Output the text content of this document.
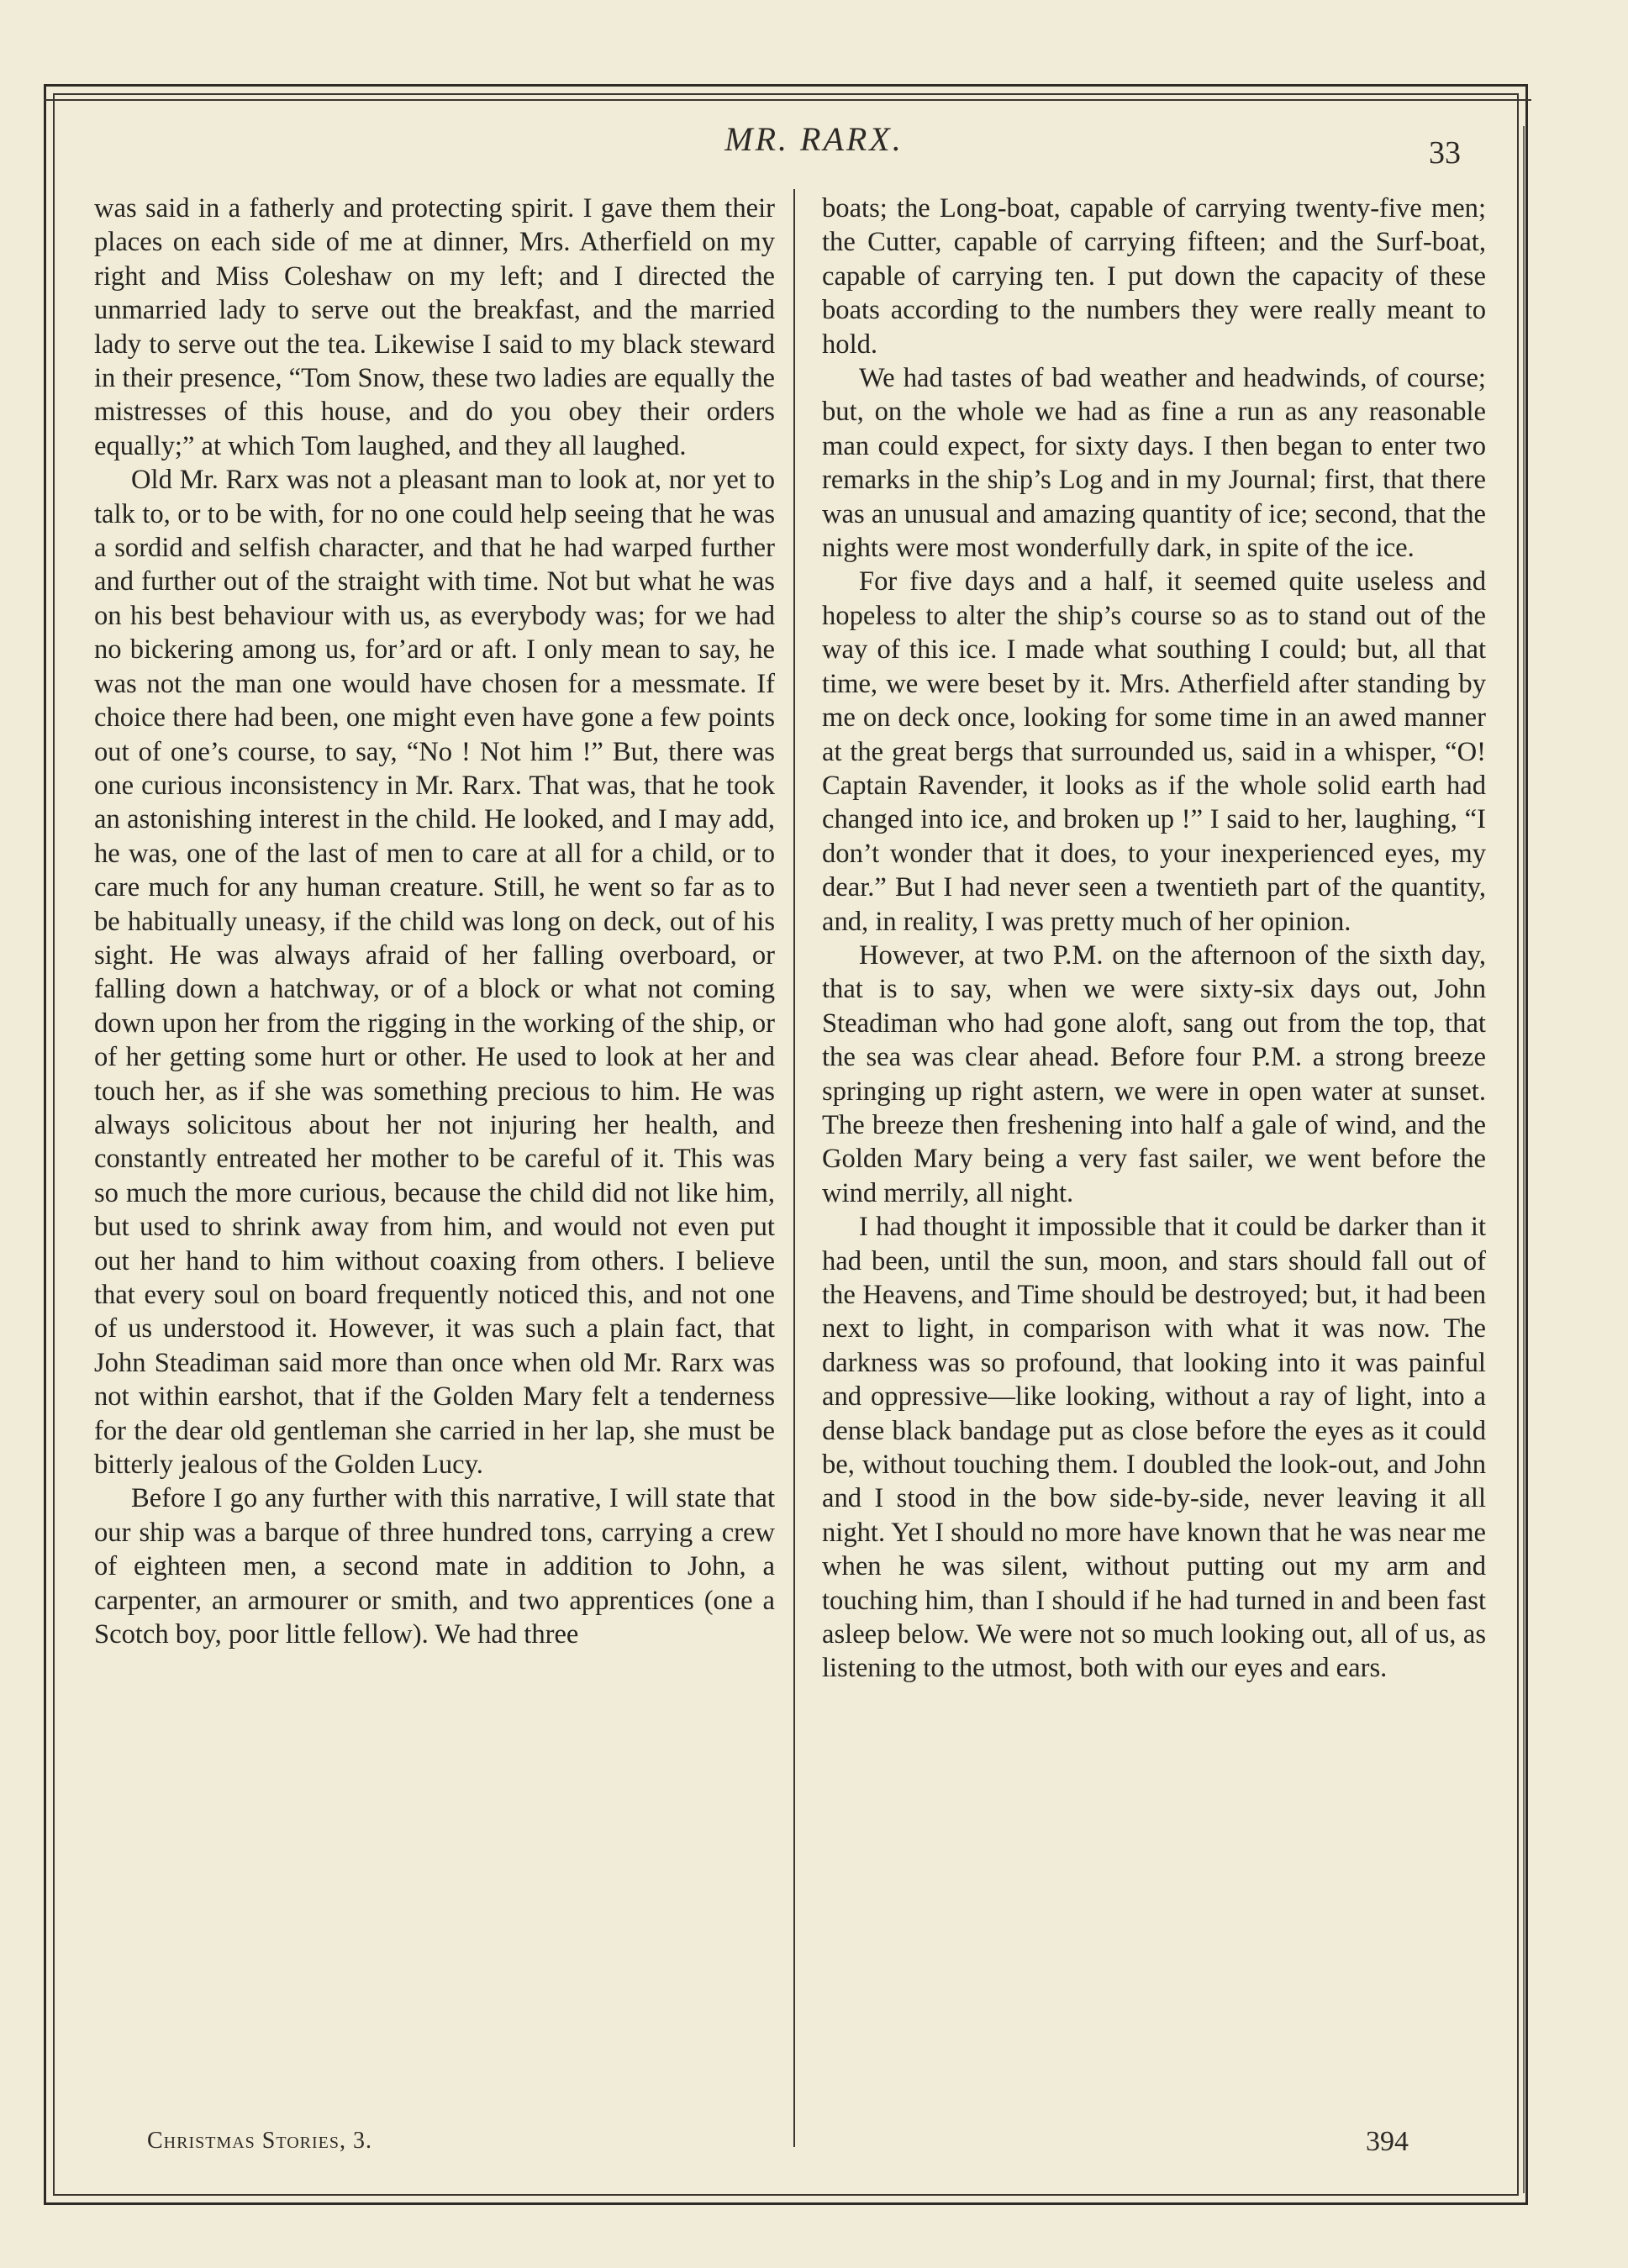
MR. RARX.	33

was said in a fatherly and protecting spirit. I gave them their places on each side of me at dinner, Mrs. Atherfield on my right and Miss Coleshaw on my left; and I directed the unmarried lady to serve out the breakfast, and the married lady to serve out the tea. Likewise I said to my black steward in their presence, “Tom Snow, these two ladies are equally the mistresses of this house, and do you obey their orders equally;” at which Tom laughed, and they all laughed.

Old Mr. Rarx was not a pleasant man to look at, nor yet to talk to, or to be with, for no one could help seeing that he was a sordid and selfish character, and that he had warped further and further out of the straight with time. Not but what he was on his best behaviour with us, as everybody was; for we had no bickering among us, for’ard or aft. I only mean to say, he was not the man one would have chosen for a messmate. If choice there had been, one might even have gone a few points out of one’s course, to say, “No ! Not him !” But, there was one curious inconsistency in Mr. Rarx. That was, that he took an astonishing interest in the child. He looked, and I may add, he was, one of the last of men to care at all for a child, or to care much for any human creature. Still, he went so far as to be habitually uneasy, if the child was long on deck, out of his sight. He was always afraid of her falling overboard, or falling down a hatchway, or of a block or what not coming down upon her from the rigging in the working of the ship, or of her getting some hurt or other. He used to look at her and touch her, as if she was something precious to him. He was always solicitous about her not injuring her health, and constantly entreated her mother to be careful of it. This was so much the more curious, because the child did not like him, but used to shrink away from him, and would not even put out her hand to him without coaxing from others. I believe that every soul on board frequently noticed this, and not one of us understood it. However, it was such a plain fact, that John Steadiman said more than once when old Mr. Rarx was not within earshot, that if the Golden Mary felt a tenderness for the dear old gentleman she carried in her lap, she must be bitterly jealous of the Golden Lucy.

Before I go any further with this narrative, I will state that our ship was a barque of three hundred tons, carrying a crew of eighteen men, a second mate in addition to John, a carpenter, an armourer or smith, and two apprentices (one a Scotch boy, poor little fellow). We had three

boats; the Long-boat, capable of carrying twenty-five men; the Cutter, capable of carrying fifteen; and the Surf-boat, capable of carrying ten. I put down the capacity of these boats according to the numbers they were really meant to hold.

We had tastes of bad weather and headwinds, of course; but, on the whole we had as fine a run as any reasonable man could expect, for sixty days. I then began to enter two remarks in the ship’s Log and in my Journal; first, that there was an unusual and amazing quantity of ice; second, that the nights were most wonderfully dark, in spite of the ice.

For five days and a half, it seemed quite useless and hopeless to alter the ship’s course so as to stand out of the way of this ice. I made what southing I could; but, all that time, we were beset by it. Mrs. Atherfield after standing by me on deck once, looking for some time in an awed manner at the great bergs that surrounded us, said in a whisper, “O! Captain Ravender, it looks as if the whole solid earth had changed into ice, and broken up !” I said to her, laughing, “I don’t wonder that it does, to your inexperienced eyes, my dear.” But I had never seen a twentieth part of the quantity, and, in reality, I was pretty much of her opinion.

However, at two P.M. on the afternoon of the sixth day, that is to say, when we were sixty-six days out, John Steadiman who had gone aloft, sang out from the top, that the sea was clear ahead. Before four P.M. a strong breeze springing up right astern, we were in open water at sunset. The breeze then freshening into half a gale of wind, and the Golden Mary being a very fast sailer, we went before the wind merrily, all night.

I had thought it impossible that it could be darker than it had been, until the sun, moon, and stars should fall out of the Heavens, and Time should be destroyed; but, it had been next to light, in comparison with what it was now. The darkness was so profound, that looking into it was painful and oppressive—like looking, without a ray of light, into a dense black bandage put as close before the eyes as it could be, without touching them. I doubled the look-out, and John and I stood in the bow side-by-side, never leaving it all night. Yet I should no more have known that he was near me when he was silent, without putting out my arm and touching him, than I should if he had turned in and been fast asleep below. We were not so much looking out, all of us, as listening to the utmost, both with our eyes and ears.

Christmas Stories, 3.	394
